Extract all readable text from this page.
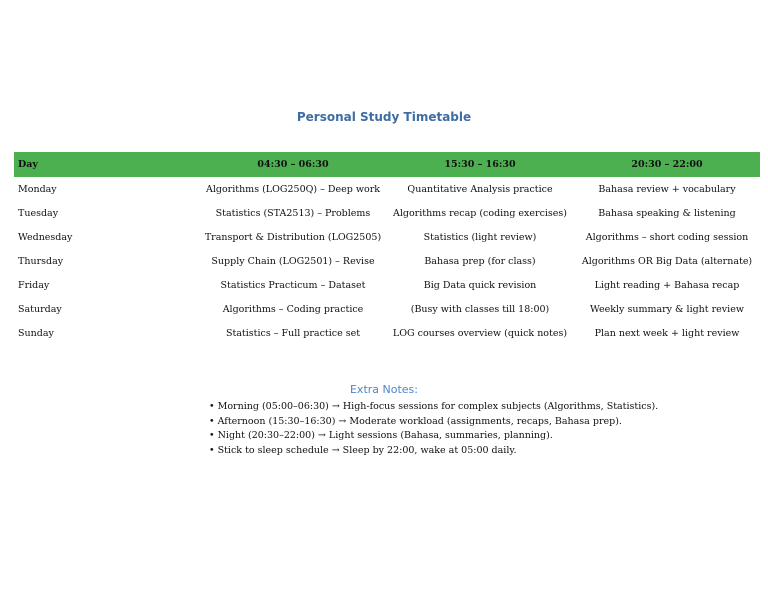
Personal Study Timetable
Day	04:30 – 06:30	15:30 – 16:30	20:30 – 22:00
Monday	Algorithms (LOG250Q) – Deep work	Quantitative Analysis practice	Bahasa review + vocabulary
Tuesday	Statistics (STA2513) – Problems	Algorithms recap (coding exercises)	Bahasa speaking & listening
Wednesday	Transport & Distribution (LOG2505)	Statistics (light review)	Algorithms – short coding session
Thursday	Supply Chain (LOG2501) – Revise	Bahasa prep (for class)	Algorithms OR Big Data (alternate)
Friday	Statistics Practicum – Dataset	Big Data quick revision	Light reading + Bahasa recap
Saturday	Algorithms – Coding practice	(Busy with classes till 18:00)	Weekly summary & light review
Sunday	Statistics – Full practice set	LOG courses overview (quick notes)	Plan next week + light review
Extra Notes:
• Morning (05:00–06:30) → High-focus sessions for complex subjects (Algorithms, Statistics).
• Afternoon (15:30–16:30) → Moderate workload (assignments, recaps, Bahasa prep).
• Night (20:30–22:00) → Light sessions (Bahasa, summaries, planning).
• Stick to sleep schedule → Sleep by 22:00, wake at 05:00 daily.
